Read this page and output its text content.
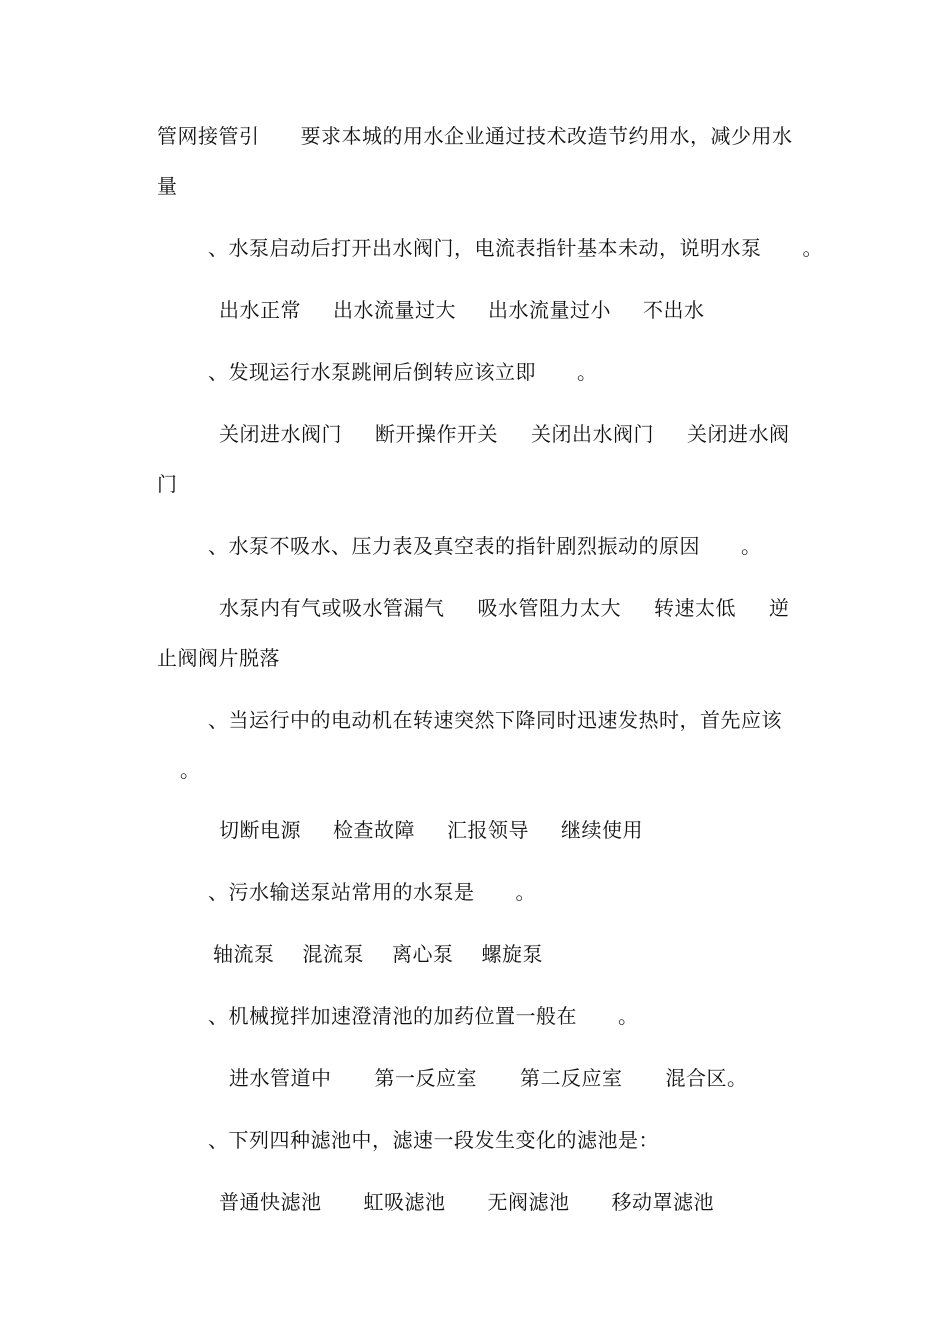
管网接管引　　要求本城的用水企业通过技术改造节约用水，减少用水
量
、水泵启动后打开出水阀门，电流表指针基本未动，说明水泵　　。
出水正常 出水流量过大 出水流量过小 不出水
、发现运行水泵跳闸后倒转应该立即　　。
关闭进水阀门 断开操作开关 关闭出水阀门 关闭进水阀
门
、水泵不吸水、压力表及真空表的指针剧烈振动的原因　　。
水泵内有气或吸水管漏气 吸水管阻力太大 转速太低 逆
止阀阀片脱落
、当运行中的电动机在转速突然下降同时迅速发热时，首先应该
。
切断电源 检查故障 汇报领导 继续使用
、污水输送泵站常用的水泵是　　。
轴流泵 混流泵 离心泵 螺旋泵
、机械搅拌加速澄清池的加药位置一般在　　。
进水管道中 第一反应室 第二反应室 混合区。
、下列四种滤池中，滤速一段发生变化的滤池是：
普通快滤池 虹吸滤池 无阀滤池 移动罩滤池
